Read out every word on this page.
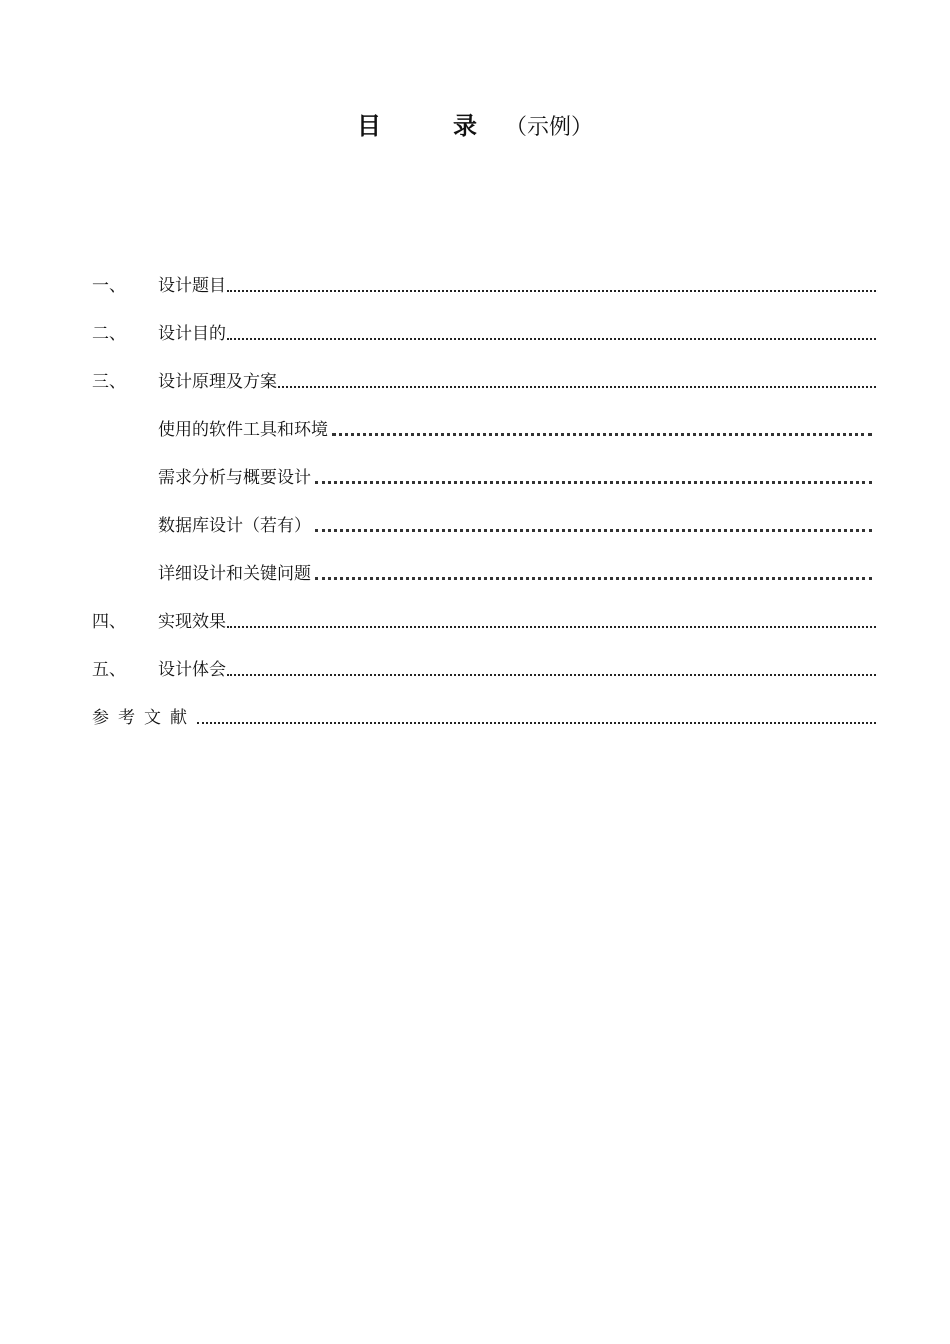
目　　　录 （示例）
一、	设计题目
二、	设计目的
三、	设计原理及方案
使用的软件工具和环境
需求分析与概要设计
数据库设计（若有）
详细设计和关键问题
四、	实现效果
五、	设计体会
参考文献
